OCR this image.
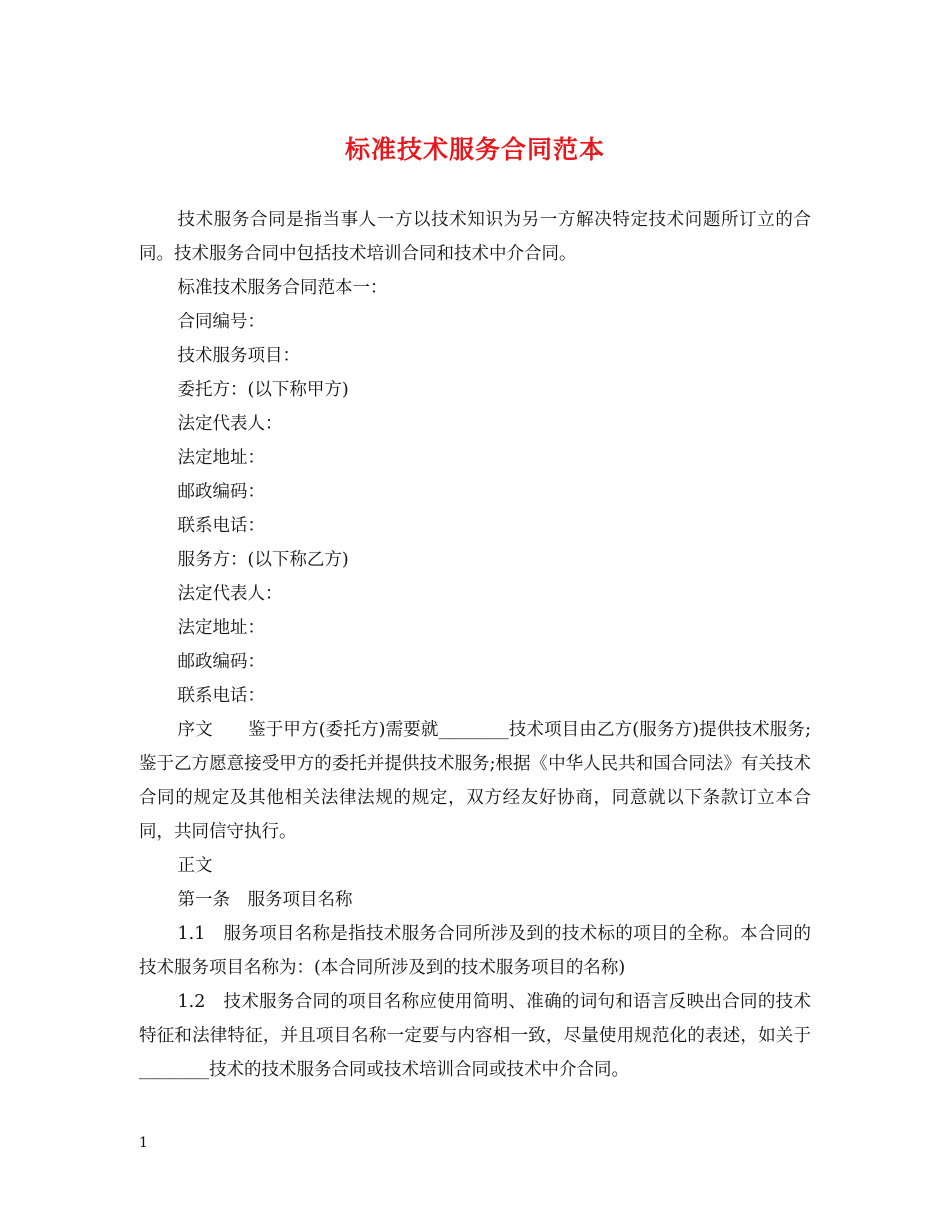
标准技术服务合同范本

技术服务合同是指当事人一方以技术知识为另一方解决特定技术问题所订立的合同。技术服务合同中包括技术培训合同和技术中介合同。

标准技术服务合同范本一：

合同编号：

技术服务项目：

委托方：(以下称甲方)

法定代表人：

法定地址：

邮政编码：

联系电话：

服务方：(以下称乙方)

法定代表人：

法定地址：

邮政编码：

联系电话：

序文　　鉴于甲方(委托方)需要就________技术项目由乙方(服务方)提供技术服务;鉴于乙方愿意接受甲方的委托并提供技术服务;根据《中华人民共和国合同法》有关技术合同的规定及其他相关法律法规的规定，双方经友好协商，同意就以下条款订立本合同，共同信守执行。

正文

第一条　服务项目名称

1.1　服务项目名称是指技术服务合同所涉及到的技术标的项目的全称。本合同的技术服务项目名称为：(本合同所涉及到的技术服务项目的名称)

1.2　技术服务合同的项目名称应使用简明、准确的词句和语言反映出合同的技术特征和法律特征，并且项目名称一定要与内容相一致，尽量使用规范化的表述，如关于________技术的技术服务合同或技术培训合同或技术中介合同。

1
